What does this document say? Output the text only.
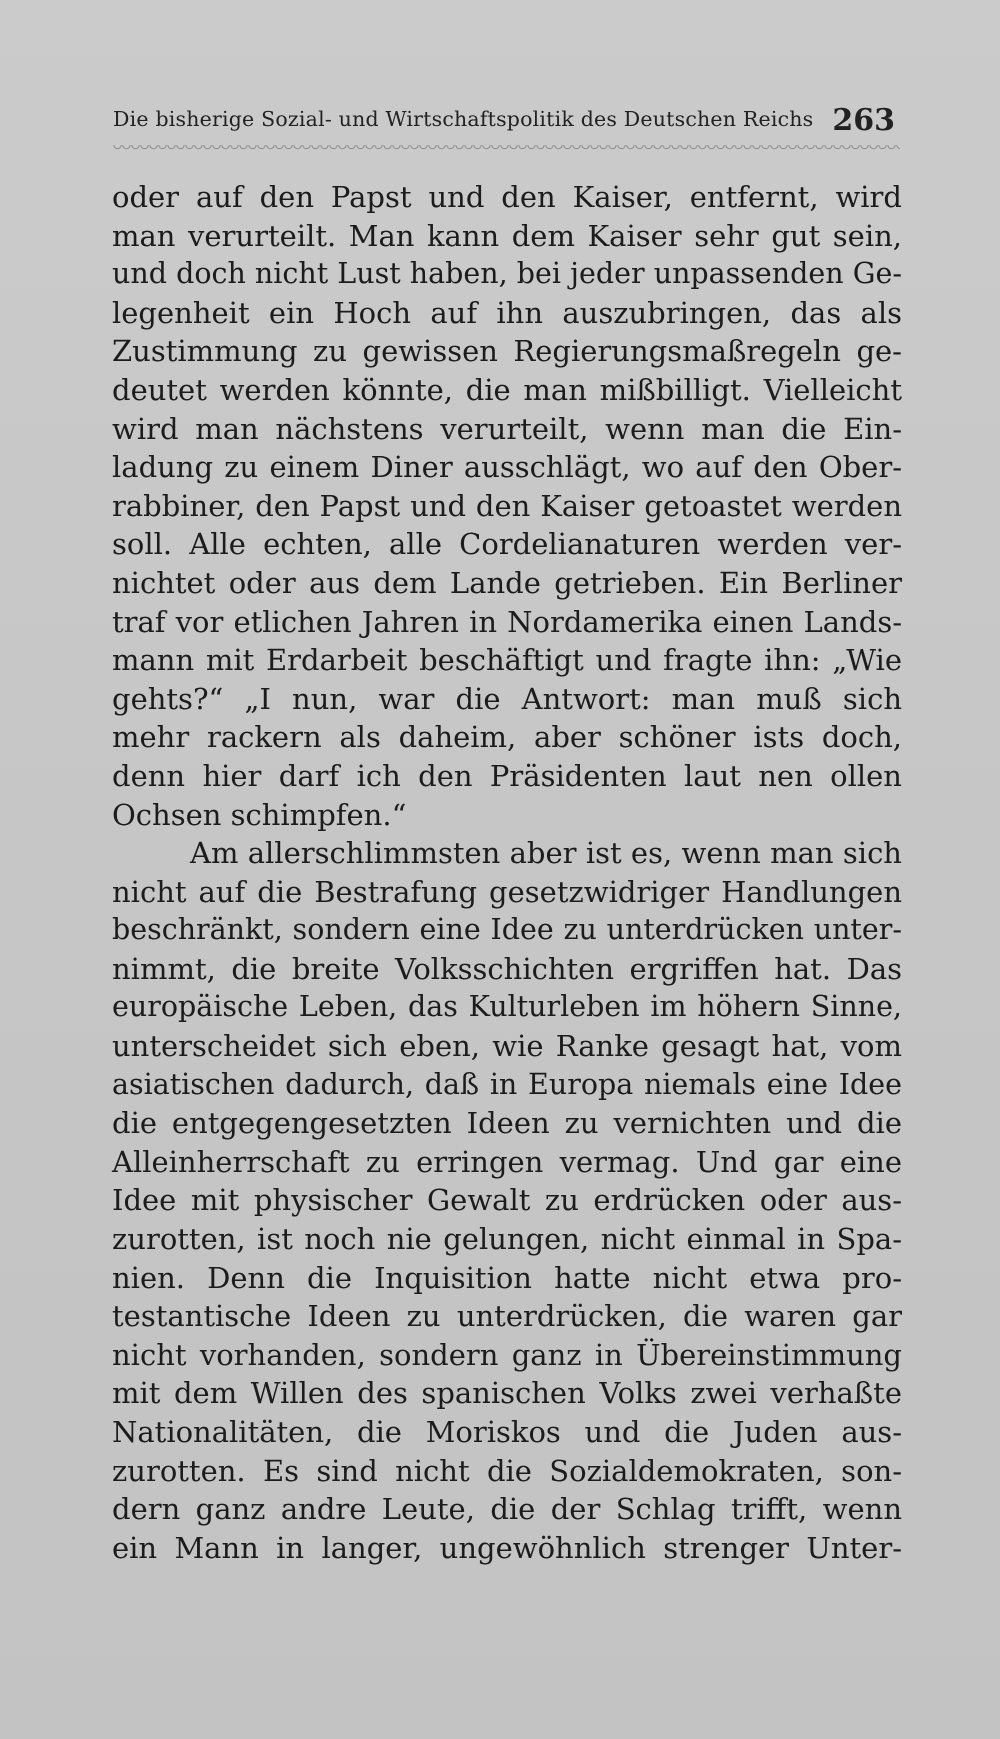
Die bisherige Sozial- und Wirtschaftspolitik des Deutschen Reichs 263
oder auf den Papst und den Kaiser, entfernt, wird
man verurteilt. Man kann dem Kaiser sehr gut sein,
und doch nicht Lust haben, bei jeder unpassenden Ge-
legenheit ein Hoch auf ihn auszubringen, das als
Zustimmung zu gewissen Regierungsmaßregeln ge-
deutet werden könnte, die man mißbilligt. Vielleicht
wird man nächstens verurteilt, wenn man die Ein-
ladung zu einem Diner ausschlägt, wo auf den Ober-
rabbiner, den Papst und den Kaiser getoastet werden
soll. Alle echten, alle Cordelianaturen werden ver-
nichtet oder aus dem Lande getrieben. Ein Berliner
traf vor etlichen Jahren in Nordamerika einen Lands-
mann mit Erdarbeit beschäftigt und fragte ihn: „Wie
gehts?“ „I nun, war die Antwort: man muß sich
mehr rackern als daheim, aber schöner ists doch,
denn hier darf ich den Präsidenten laut nen ollen
Ochsen schimpfen.“
Am allerschlimmsten aber ist es, wenn man sich
nicht auf die Bestrafung gesetzwidriger Handlungen
beschränkt, sondern eine Idee zu unterdrücken unter-
nimmt, die breite Volksschichten ergriffen hat. Das
europäische Leben, das Kulturleben im höhern Sinne,
unterscheidet sich eben, wie Ranke gesagt hat, vom
asiatischen dadurch, daß in Europa niemals eine Idee
die entgegengesetzten Ideen zu vernichten und die
Alleinherrschaft zu erringen vermag. Und gar eine
Idee mit physischer Gewalt zu erdrücken oder aus-
zurotten, ist noch nie gelungen, nicht einmal in Spa-
nien. Denn die Inquisition hatte nicht etwa pro-
testantische Ideen zu unterdrücken, die waren gar
nicht vorhanden, sondern ganz in Übereinstimmung
mit dem Willen des spanischen Volks zwei verhaßte
Nationalitäten, die Moriskos und die Juden aus-
zurotten. Es sind nicht die Sozialdemokraten, son-
dern ganz andre Leute, die der Schlag trifft, wenn
ein Mann in langer, ungewöhnlich strenger Unter-
